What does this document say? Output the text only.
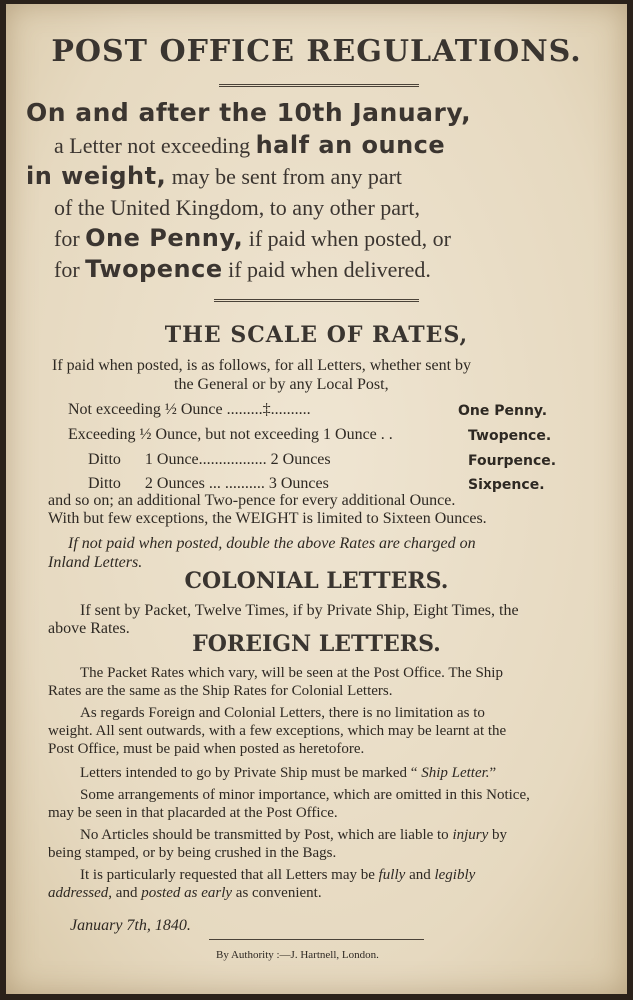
POST OFFICE REGULATIONS.
On and after the 10th January,
a Letter not exceeding half an ounce
in weight, may be sent from any part
of the United Kingdom, to any other part,
for One Penny, if paid when posted, or
for Twopence if paid when delivered.
THE SCALE OF RATES,
If paid when posted, is as follows, for all Letters, whether sent by
the General or by any Local Post,
Not exceeding ½ Ounce .........‡..........	One Penny.
Exceeding ½ Ounce, but not exceeding 1 Ounce . .	Twopence.
Ditto      1 Ounce................. 2 Ounces	Fourpence.
Ditto      2 Ounces ... .......... 3 Ounces	Sixpence.
and so on; an additional Two-pence for every additional Ounce.
With but few exceptions, the WEIGHT is limited to Sixteen Ounces.
If not paid when posted, double the above Rates are charged on
Inland Letters.
COLONIAL LETTERS.
If sent by Packet, Twelve Times, if by Private Ship, Eight Times, the
above Rates.
FOREIGN LETTERS.
The Packet Rates which vary, will be seen at the Post Office. The Ship
Rates are the same as the Ship Rates for Colonial Letters.
As regards Foreign and Colonial Letters, there is no limitation as to
weight. All sent outwards, with a few exceptions, which may be learnt at the
Post Office, must be paid when posted as heretofore.
Letters intended to go by Private Ship must be marked “ Ship Letter.”
Some arrangements of minor importance, which are omitted in this Notice,
may be seen in that placarded at the Post Office.
No Articles should be transmitted by Post, which are liable to injury by
being stamped, or by being crushed in the Bags.
It is particularly requested that all Letters may be fully and legibly
addressed, and posted as early as convenient.
January 7th, 1840.
By Authority :—J. Hartnell, London.
